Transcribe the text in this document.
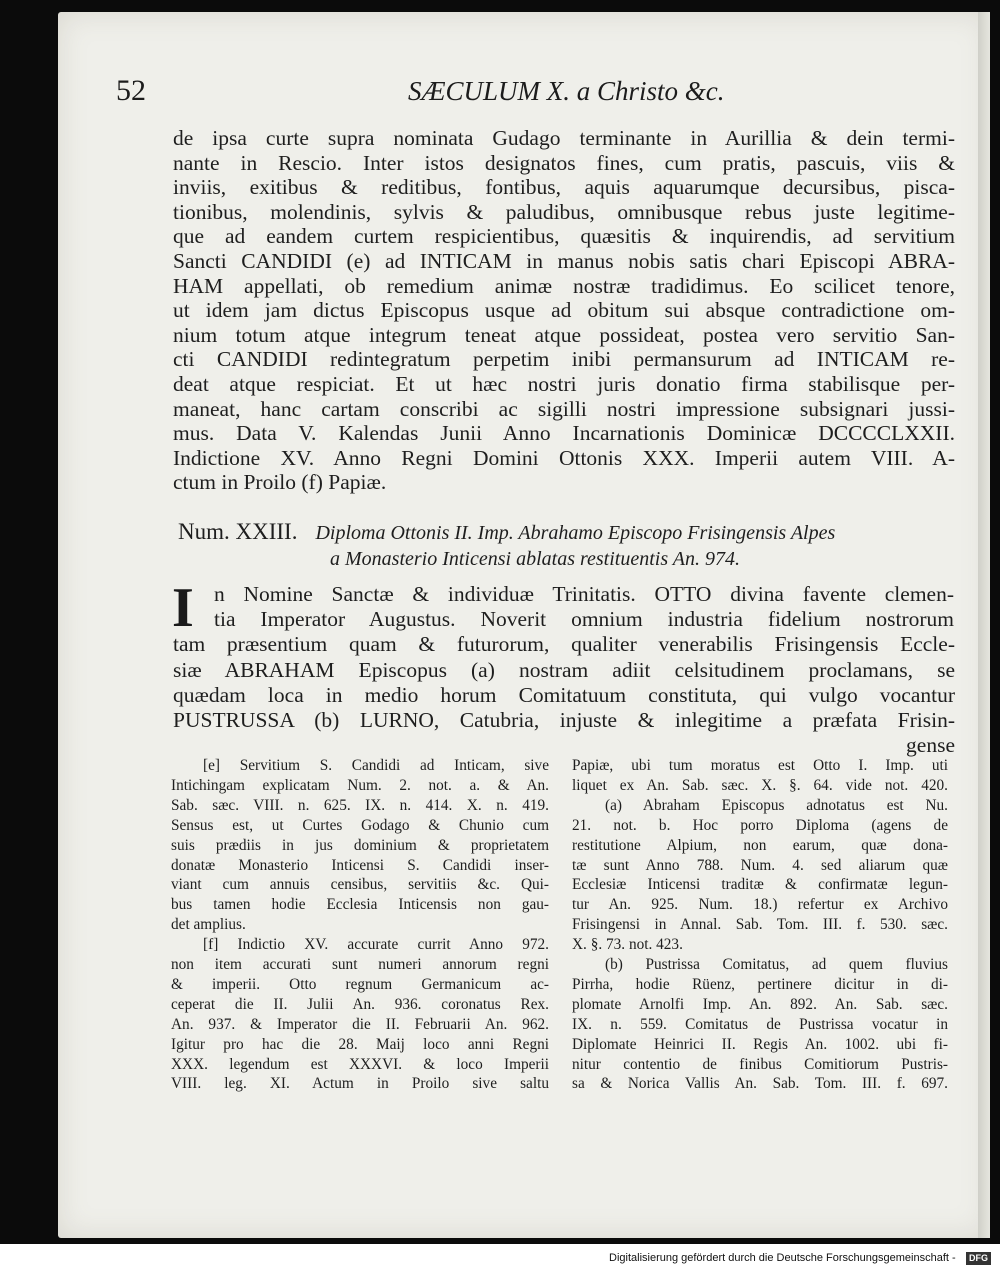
52	SÆCULUM X. a Christo &c.
de ipsa curte supra nominata Gudago terminante in Aurillia & dein termi-
nante in Rescio. Inter istos designatos fines, cum pratis, pascuis, viis &
inviis, exitibus & reditibus, fontibus, aquis aquarumque decursibus, pisca-
tionibus, molendinis, sylvis & paludibus, omnibusque rebus juste legitime-
que ad eandem curtem respicientibus, quæsitis & inquirendis, ad servitium
Sancti CANDIDI (e) ad INTICAM in manus nobis satis chari Episcopi ABRA-
HAM appellati, ob remedium animæ nostræ tradidimus. Eo scilicet tenore,
ut idem jam dictus Episcopus usque ad obitum sui absque contradictione om-
nium totum atque integrum teneat atque possideat, postea vero servitio San-
cti CANDIDI redintegratum perpetim inibi permansurum ad INTICAM re-
deat atque respiciat. Et ut hæc nostri juris donatio firma stabilisque per-
maneat, hanc cartam conscribi ac sigilli nostri impressione subsignari jussi-
mus. Data V. Kalendas Junii Anno Incarnationis Dominicæ DCCCCLXXII.
Indictione XV. Anno Regni Domini Ottonis XXX. Imperii autem VIII. A-
ctum in Proilo (f) Papiæ.
Num. XXIII. Diploma Ottonis II. Imp. Abrahamo Episcopo Frisingensis Alpes
a Monasterio Inticensi ablatas restituentis An. 974.
I n Nomine Sanctæ & individuæ Trinitatis. OTTO divina favente clemen-
tia Imperator Augustus. Noverit omnium industria fidelium nostrorum
tam præsentium quam & futurorum, qualiter venerabilis Frisingensis Eccle-
siæ ABRAHAM Episcopus (a) nostram adiit celsitudinem proclamans, se
quædam loca in medio horum Comitatuum constituta, qui vulgo vocantur
PUSTRUSSA (b) LURNO, Catubria, injuste & inlegitime a præfata Frisin-
gense
[e] Servitium S. Candidi ad Inticam, sive
Intichingam explicatam Num. 2. not. a. & An.
Sab. sæc. VIII. n. 625. IX. n. 414. X. n. 419.
Sensus est, ut Curtes Godago & Chunio cum
suis prædiis in jus dominium & proprietatem
donatæ Monasterio Inticensi S. Candidi inser-
viant cum annuis censibus, servitiis &c. Qui-
bus tamen hodie Ecclesia Inticensis non gau-
det amplius.
[f] Indictio XV. accurate currit Anno 972.
non item accurati sunt numeri annorum regni
& imperii. Otto regnum Germanicum ac-
ceperat die II. Julii An. 936. coronatus Rex.
An. 937. & Imperator die II. Februarii An. 962.
Igitur pro hac die 28. Maij loco anni Regni
XXX. legendum est XXXVI. & loco Imperii
VIII. leg. XI. Actum in Proilo sive saltu
Papiæ, ubi tum moratus est Otto I. Imp. uti
liquet ex An. Sab. sæc. X. §. 64. vide not. 420.
(a) Abraham Episcopus adnotatus est Nu.
21. not. b. Hoc porro Diploma (agens de
restitutione Alpium, non earum, quæ dona-
tæ sunt Anno 788. Num. 4. sed aliarum quæ
Ecclesiæ Inticensi traditæ & confirmatæ legun-
tur An. 925. Num. 18.) refertur ex Archivo
Frisingensi in Annal. Sab. Tom. III. f. 530. sæc.
X. §. 73. not. 423.
(b) Pustrissa Comitatus, ad quem fluvius
Pirrha, hodie Rüenz, pertinere dicitur in di-
plomate Arnolfi Imp. An. 892. An. Sab. sæc.
IX. n. 559. Comitatus de Pustrissa vocatur in
Diplomate Heinrici II. Regis An. 1002. ubi fi-
nitur contentio de finibus Comitiorum Pustris-
sa & Norica Vallis An. Sab. Tom. III. f. 697.
Digitalisierung gefördert durch die Deutsche Forschungsgemeinschaft -	DFG
